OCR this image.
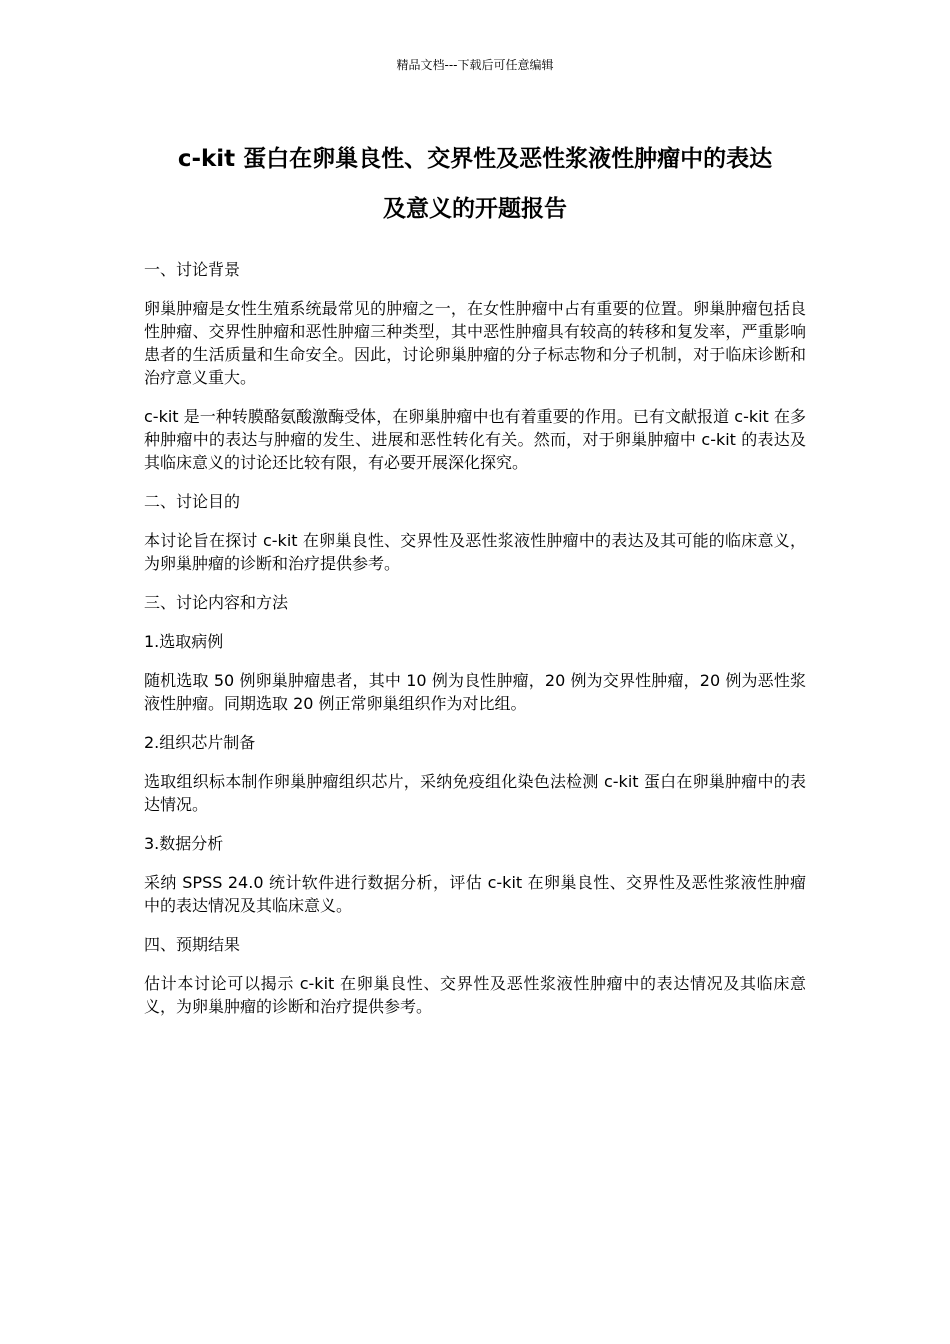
精品文档---下载后可任意编辑
c-kit 蛋白在卵巢良性、交界性及恶性浆液性肿瘤中的表达
及意义的开题报告

一、讨论背景

卵巢肿瘤是女性生殖系统最常见的肿瘤之一，在女性肿瘤中占有重要的位置。卵巢肿瘤包括良性肿瘤、交界性肿瘤和恶性肿瘤三种类型，其中恶性肿瘤具有较高的转移和复发率，严重影响患者的生活质量和生命安全。因此，讨论卵巢肿瘤的分子标志物和分子机制，对于临床诊断和治疗意义重大。

c-kit 是一种转膜酪氨酸激酶受体，在卵巢肿瘤中也有着重要的作用。已有文献报道 c-kit 在多种肿瘤中的表达与肿瘤的发生、进展和恶性转化有关。然而，对于卵巢肿瘤中 c-kit 的表达及其临床意义的讨论还比较有限，有必要开展深化探究。

二、讨论目的

本讨论旨在探讨 c-kit 在卵巢良性、交界性及恶性浆液性肿瘤中的表达及其可能的临床意义，为卵巢肿瘤的诊断和治疗提供参考。

三、讨论内容和方法

1.选取病例

随机选取 50 例卵巢肿瘤患者，其中 10 例为良性肿瘤，20 例为交界性肿瘤，20 例为恶性浆液性肿瘤。同期选取 20 例正常卵巢组织作为对比组。

2.组织芯片制备

选取组织标本制作卵巢肿瘤组织芯片，采纳免疫组化染色法检测 c-kit 蛋白在卵巢肿瘤中的表达情况。

3.数据分析

采纳 SPSS 24.0 统计软件进行数据分析，评估 c-kit 在卵巢良性、交界性及恶性浆液性肿瘤中的表达情况及其临床意义。

四、预期结果

估计本讨论可以揭示 c-kit 在卵巢良性、交界性及恶性浆液性肿瘤中的表达情况及其临床意义，为卵巢肿瘤的诊断和治疗提供参考。
